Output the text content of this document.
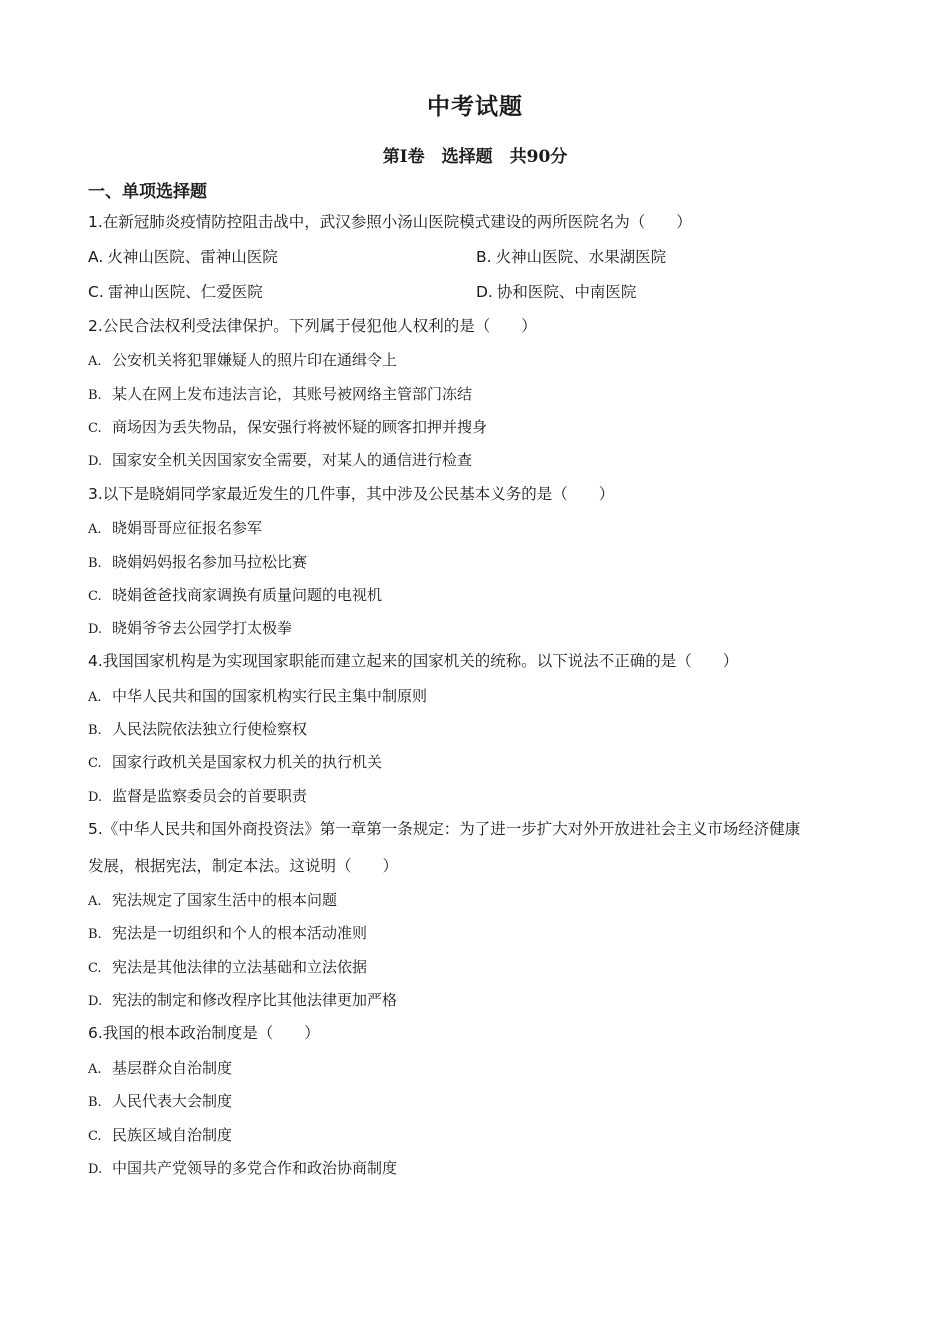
中考试题
第Ⅰ卷　选择题　共90分
一、单项选择题
1.在新冠肺炎疫情防控阻击战中，武汉参照小汤山医院模式建设的两所医院名为（　　）
A. 火神山医院、雷神山医院	B. 火神山医院、水果湖医院
C. 雷神山医院、仁爱医院	D. 协和医院、中南医院
2.公民合法权利受法律保护。下列属于侵犯他人权利的是（　　）
A. 公安机关将犯罪嫌疑人的照片印在通缉令上
B. 某人在网上发布违法言论，其账号被网络主管部门冻结
C. 商场因为丢失物品，保安强行将被怀疑的顾客扣押并搜身
D. 国家安全机关因国家安全需要，对某人的通信进行检查
3.以下是晓娟同学家最近发生的几件事，其中涉及公民基本义务的是（　　）
A. 晓娟哥哥应征报名参军
B. 晓娟妈妈报名参加马拉松比赛
C. 晓娟爸爸找商家调换有质量问题的电视机
D. 晓娟爷爷去公园学打太极拳
4.我国国家机构是为实现国家职能而建立起来的国家机关的统称。以下说法不正确的是（　　）
A. 中华人民共和国的国家机构实行民主集中制原则
B. 人民法院依法独立行使检察权
C. 国家行政机关是国家权力机关的执行机关
D. 监督是监察委员会的首要职责
5.《中华人民共和国外商投资法》第一章第一条规定：为了进一步扩大对外开放进社会主义市场经济健康
发展，根据宪法，制定本法。这说明（　　）
A. 宪法规定了国家生活中的根本问题
B. 宪法是一切组织和个人的根本活动准则
C. 宪法是其他法律的立法基础和立法依据
D. 宪法的制定和修改程序比其他法律更加严格
6.我国的根本政治制度是（　　）
A. 基层群众自治制度
B. 人民代表大会制度
C. 民族区域自治制度
D. 中国共产党领导的多党合作和政治协商制度
